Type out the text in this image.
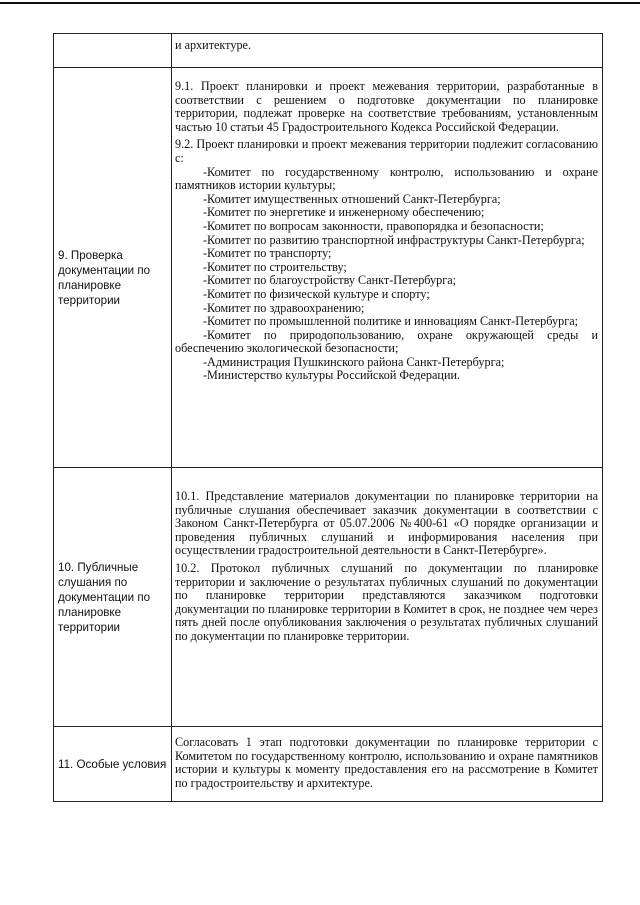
и архитектуре.

9. Проверка документации по планировке территории

9.1. Проект планировки и проект межевания территории, разработанные в соответствии с решением о подготовке документации по планировке территории, подлежат проверке на соответствие требованиям, установленным частью 10 статьи 45 Градостроительного Кодекса Российской Федерации.

9.2. Проект планировки и проект межевания территории подлежит согласованию с:

-Комитет по государственному контролю, использованию и охране памятников истории культуры;

-Комитет имущественных отношений Санкт-Петербурга;

-Комитет по энергетике и инженерному обеспечению;

-Комитет по вопросам законности, правопорядка и безопасности;

-Комитет по развитию транспортной инфраструктуры Санкт-Петербурга;

-Комитет по транспорту;

-Комитет по строительству;

-Комитет по благоустройству Санкт-Петербурга;

-Комитет по физической культуре и спорту;

-Комитет по здравоохранению;

-Комитет по промышленной политике и инновациям Санкт-Петербурга;

-Комитет по природопользованию, охране окружающей среды и обеспечению экологической безопасности;

-Администрация Пушкинского района Санкт-Петербурга;

-Министерство культуры Российской Федерации.

10. Публичные слушания по документации по планировке территории

10.1. Представление материалов документации по планировке территории на публичные слушания обеспечивает заказчик документации в соответствии с Законом Санкт-Петербурга от 05.07.2006 №400-61 «О порядке организации и проведения публичных слушаний и информирования населения при осуществлении градостроительной деятельности в Санкт-Петербурге».

10.2. Протокол публичных слушаний по документации по планировке территории и заключение о результатах публичных слушаний по документации по планировке территории представляются заказчиком подготовки документации по планировке территории в Комитет в срок, не позднее чем через пять дней после опубликования заключения о результатах публичных слушаний по документации по планировке территории.

11. Особые условия

Согласовать 1 этап подготовки документации по планировке территории с Комитетом по государственному контролю, использованию и охране памятников истории и культуры к моменту предоставления его на рассмотрение в Комитет по градостроительству и архитектуре.
